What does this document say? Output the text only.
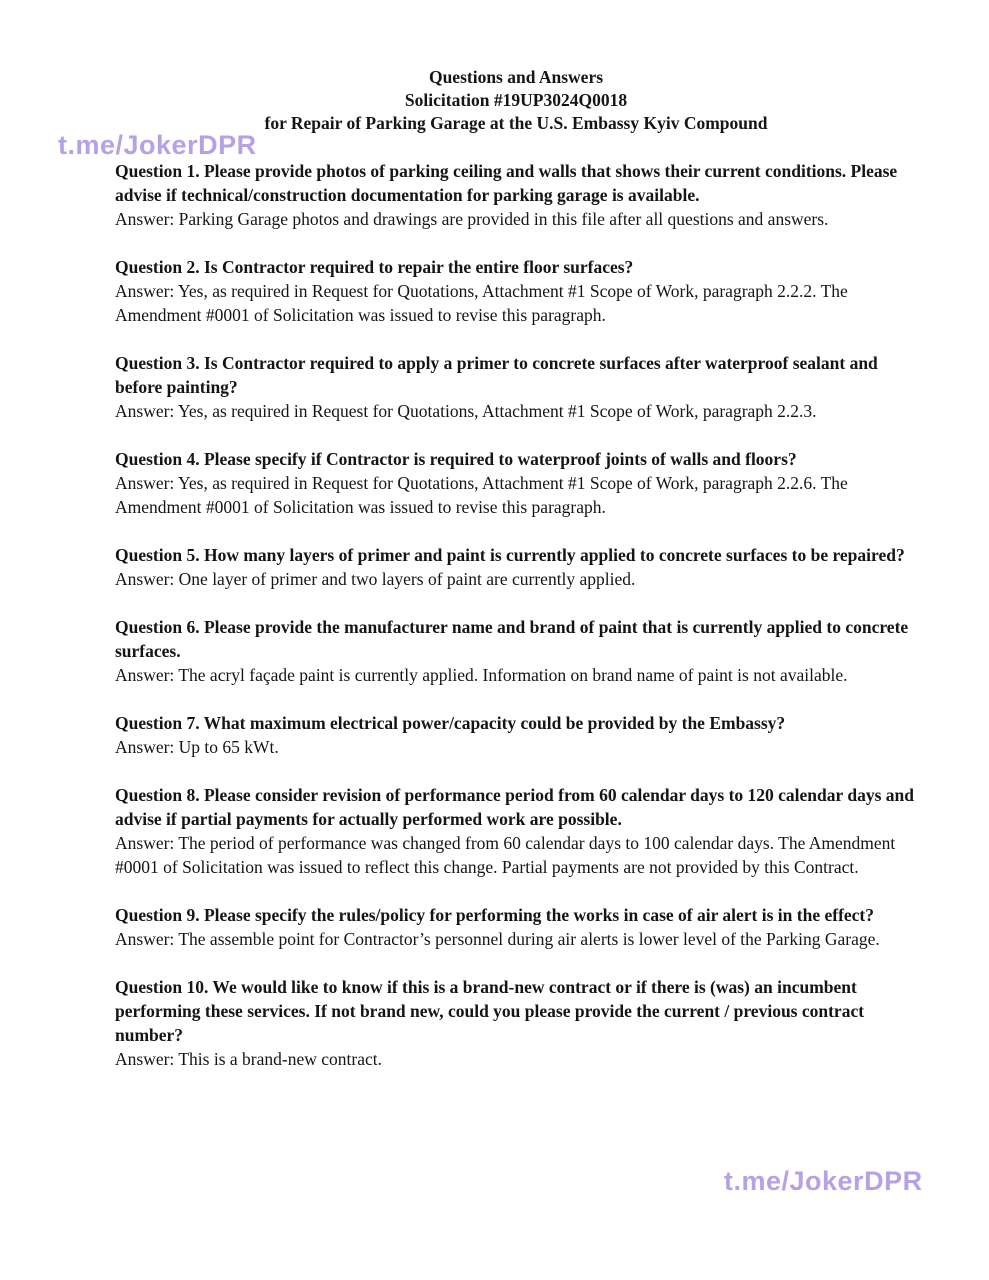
t.me/JokerDPR
Questions and Answers
Solicitation #19UP3024Q0018
for Repair of Parking Garage at the U.S. Embassy Kyiv Compound
Question 1. Please provide photos of parking ceiling and walls that shows their current conditions. Please advise if technical/construction documentation for parking garage is available.
Answer: Parking Garage photos and drawings are provided in this file after all questions and answers.
Question 2. Is Contractor required to repair the entire floor surfaces?
Answer: Yes, as required in Request for Quotations, Attachment #1 Scope of Work, paragraph 2.2.2. The Amendment #0001 of Solicitation was issued to revise this paragraph.
Question 3. Is Contractor required to apply a primer to concrete surfaces after waterproof sealant and before painting?
Answer: Yes, as required in Request for Quotations, Attachment #1 Scope of Work, paragraph 2.2.3.
Question 4. Please specify if Contractor is required to waterproof joints of walls and floors?
Answer: Yes, as required in Request for Quotations, Attachment #1 Scope of Work, paragraph 2.2.6. The Amendment #0001 of Solicitation was issued to revise this paragraph.
Question 5. How many layers of primer and paint is currently applied to concrete surfaces to be repaired?
Answer: One layer of primer and two layers of paint are currently applied.
Question 6. Please provide the manufacturer name and brand of paint that is currently applied to concrete surfaces.
Answer: The acryl façade paint is currently applied. Information on brand name of paint is not available.
Question 7. What maximum electrical power/capacity could be provided by the Embassy?
Answer: Up to 65 kWt.
Question 8. Please consider revision of performance period from 60 calendar days to 120 calendar days and advise if partial payments for actually performed work are possible.
Answer: The period of performance was changed from 60 calendar days to 100 calendar days. The Amendment #0001 of Solicitation was issued to reflect this change. Partial payments are not provided by this Contract.
Question 9. Please specify the rules/policy for performing the works in case of air alert is in the effect?
Answer: The assemble point for Contractor’s personnel during air alerts is lower level of the Parking Garage.
Question 10. We would like to know if this is a brand-new contract or if there is (was) an incumbent performing these services. If not brand new, could you please provide the current / previous contract number?
Answer: This is a brand-new contract.
t.me/JokerDPR
